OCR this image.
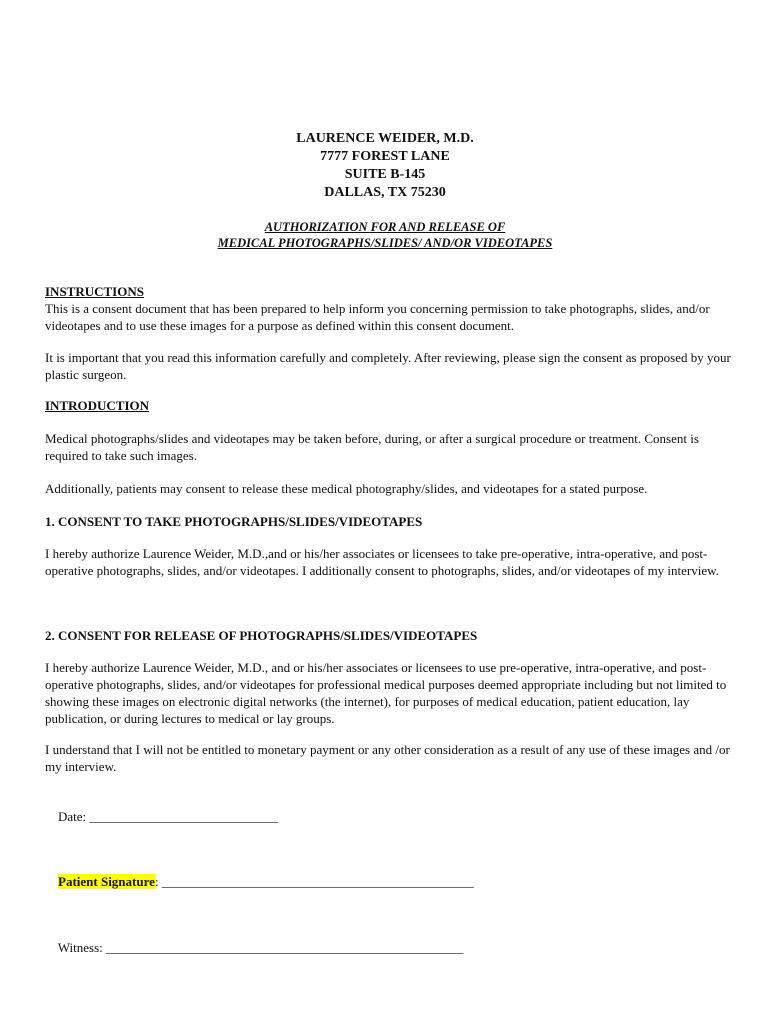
LAURENCE WEIDER, M.D.
7777 FOREST LANE
SUITE B-145
DALLAS, TX 75230
AUTHORIZATION FOR AND RELEASE OF
MEDICAL PHOTOGRAPHS/SLIDES/ AND/OR VIDEOTAPES
INSTRUCTIONS

This is a consent document that has been prepared to help inform you concerning permission to take photographs, slides, and/or videotapes and to use these images for a purpose as defined within this consent document.

It is important that you read this information carefully and completely. After reviewing, please sign the consent as proposed by your plastic surgeon.

INTRODUCTION

Medical photographs/slides and videotapes may be taken before, during, or after a surgical procedure or treatment. Consent is required to take such images.

Additionally, patients may consent to release these medical photography/slides, and videotapes for a stated purpose.

1. CONSENT TO TAKE PHOTOGRAPHS/SLIDES/VIDEOTAPES

I hereby authorize Laurence Weider, M.D.,and or his/her associates or licensees to take pre-operative, intra-operative, and post-operative photographs, slides, and/or videotapes. I additionally consent to photographs, slides, and/or videotapes of my interview.

2. CONSENT FOR RELEASE OF PHOTOGRAPHS/SLIDES/VIDEOTAPES

I hereby authorize Laurence Weider, M.D., and or his/her associates or licensees to use pre-operative, intra-operative, and post-operative photographs, slides, and/or videotapes for professional medical purposes deemed appropriate including but not limited to showing these images on electronic digital networks (the internet), for purposes of medical education, patient education, lay publication, or during lectures to medical or lay groups.

I understand that I will not be entitled to monetary payment or any other consideration as a result of any use of these images and /or my interview.

Date: _____________________________

Patient Signature: ________________________________________________

Witness: _______________________________________________________
